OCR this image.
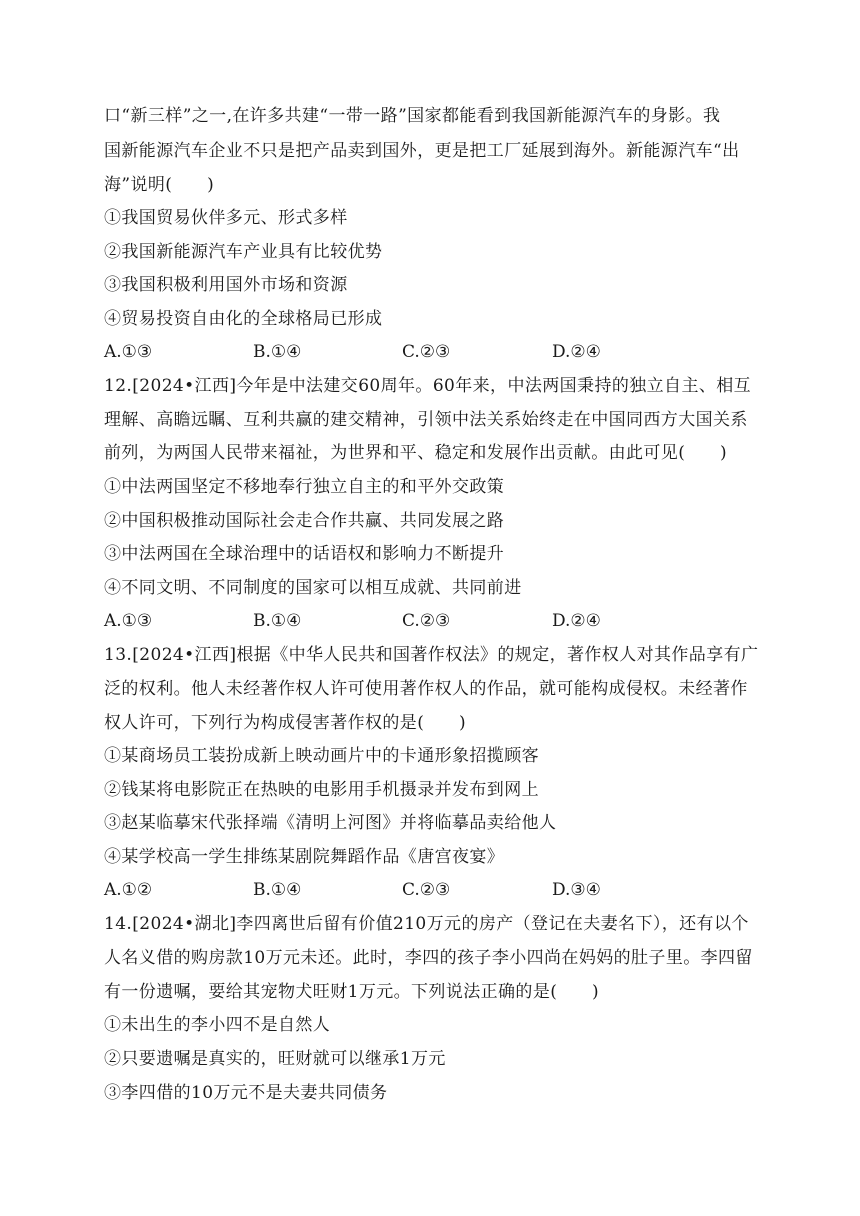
口“新三样”之一,在许多共建“一带一路”国家都能看到我国新能源汽车的身影。我
国新能源汽车企业不只是把产品卖到国外，更是把工厂延展到海外。新能源汽车“出
海”说明(　　)
①我国贸易伙伴多元、形式多样
②我国新能源汽车产业具有比较优势
③我国积极利用国外市场和资源
④贸易投资自由化的全球格局已形成
A.①③	B.①④	C.②③	D.②④
12.[2024•江西]今年是中法建交60周年。60年来，中法两国秉持的独立自主、相互
理解、高瞻远瞩、互利共赢的建交精神，引领中法关系始终走在中国同西方大国关系
前列，为两国人民带来福祉，为世界和平、稳定和发展作出贡献。由此可见(　　)
①中法两国坚定不移地奉行独立自主的和平外交政策
②中国积极推动国际社会走合作共赢、共同发展之路
③中法两国在全球治理中的话语权和影响力不断提升
④不同文明、不同制度的国家可以相互成就、共同前进
A.①③	B.①④	C.②③	D.②④
13.[2024•江西]根据《中华人民共和国著作权法》的规定，著作权人对其作品享有广
泛的权利。他人未经著作权人许可使用著作权人的作品，就可能构成侵权。未经著作
权人许可，下列行为构成侵害著作权的是(　　)
①某商场员工装扮成新上映动画片中的卡通形象招揽顾客
②钱某将电影院正在热映的电影用手机摄录并发布到网上
③赵某临摹宋代张择端《清明上河图》并将临摹品卖给他人
④某学校高一学生排练某剧院舞蹈作品《唐宫夜宴》
A.①②	B.①④	C.②③	D.③④
14.[2024•湖北]李四离世后留有价值210万元的房产（登记在夫妻名下），还有以个
人名义借的购房款10万元未还。此时，李四的孩子李小四尚在妈妈的肚子里。李四留
有一份遗嘱，要给其宠物犬旺财1万元。下列说法正确的是(　　)
①未出生的李小四不是自然人
②只要遗嘱是真实的，旺财就可以继承1万元
③李四借的10万元不是夫妻共同债务
